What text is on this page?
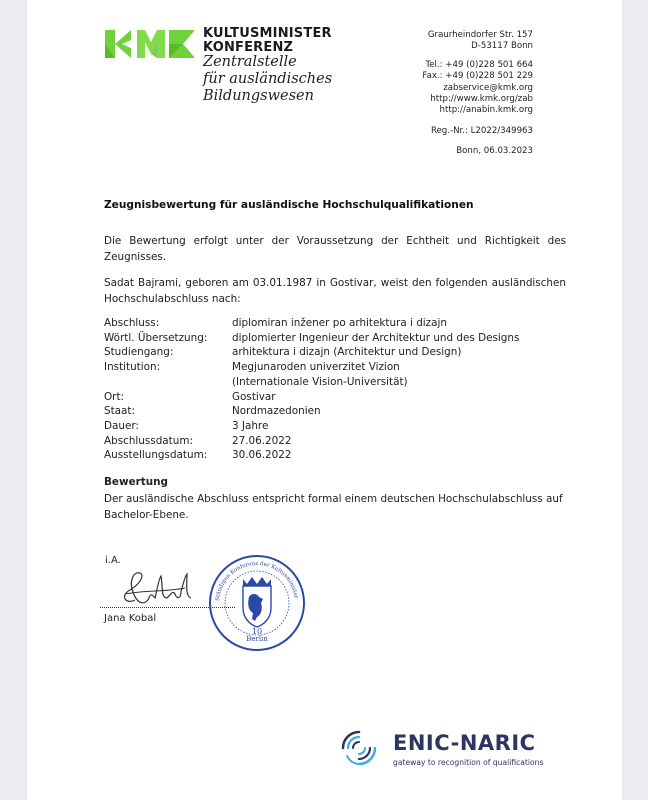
KULTUSMINISTER
KONFERENZ
Zentralstelle
für ausländisches
Bildungswesen
Graurheindorfer Str. 157
D-53117 Bonn
Tel.: +49 (0)228 501 664
Fax.: +49 (0)228 501 229
zabservice@kmk.org
http://www.kmk.org/zab
http://anabin.kmk.org
Reg.-Nr.: L2022/349963
Bonn, 06.03.2023
Zeugnisbewertung für ausländische Hochschulqualifikationen
Die Bewertung erfolgt unter der Voraussetzung der Echtheit und Richtigkeit des Zeugnisses.
Sadat Bajrami, geboren am 03.01.1987 in Gostivar, weist den folgenden ausländischen Hochschulabschluss nach:
Abschluss:	diplomiran inžener po arhitektura i dizajn
Wörtl. Übersetzung:	diplomierter Ingenieur der Architektur und des Designs
Studiengang:	arhitektura i dizajn (Architektur und Design)
Institution:	Megjunaroden univerzitet Vizion
(Internationale Vision-Universität)
Ort:	Gostivar
Staat:	Nordmazedonien
Dauer:	3 Jahre
Abschlussdatum:	27.06.2022
Ausstellungsdatum:	30.06.2022
Bewertung
Der ausländische Abschluss entspricht formal einem deutschen Hochschulabschluss auf Bachelor-Ebene.
i.A.
Jana Kobal
Berlin
10
Ständigen Konferenz der Kultusminister
ENIC-NARIC
gateway to recognition of qualifications
